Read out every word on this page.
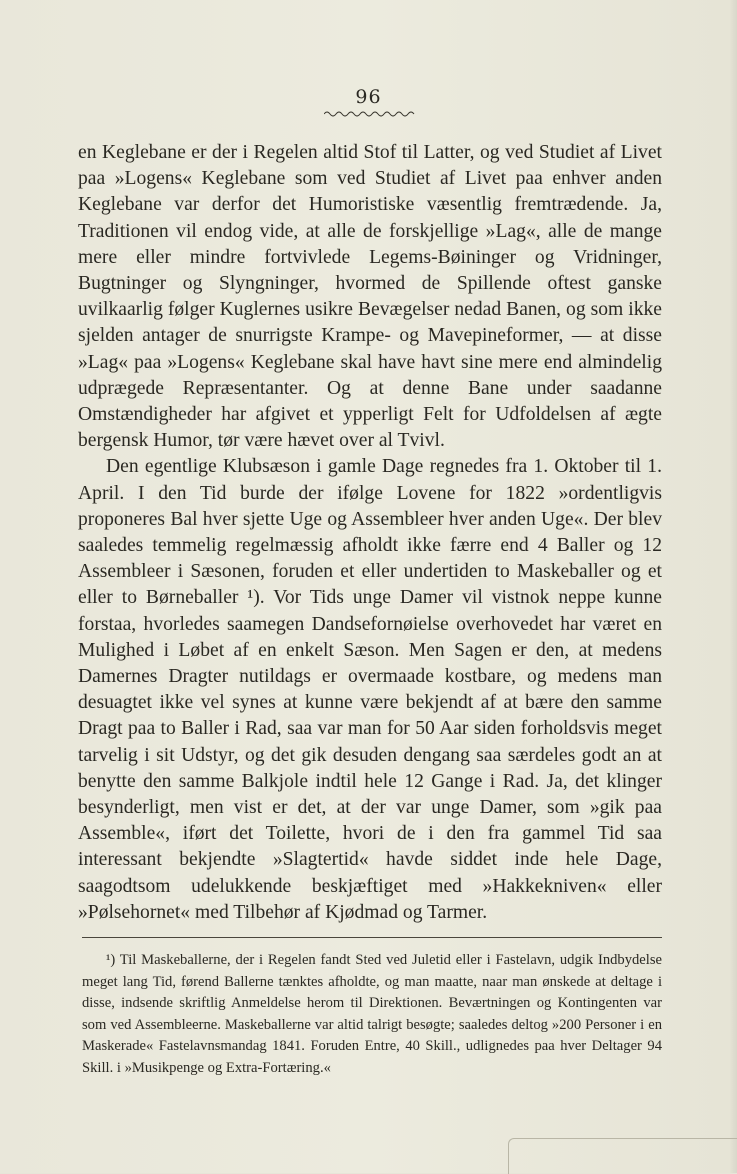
96

en Keglebane er der i Regelen altid Stof til Latter, og ved Studiet af Livet paa »Logens« Keglebane som ved Studiet af Livet paa enhver anden Keglebane var derfor det Humoristiske væsentlig fremtrædende. Ja, Traditionen vil endog vide, at alle de forskjellige »Lag«, alle de mange mere eller mindre fortvivlede Legems-Bøininger og Vridninger, Bugtninger og Slyngninger, hvormed de Spillende oftest ganske uvilkaarlig følger Kuglernes usikre Bevægelser nedad Banen, og som ikke sjelden antager de snurrigste Krampe- og Mavepineformer, — at disse »Lag« paa »Logens« Keglebane skal have havt sine mere end almindelig udprægede Repræsentanter. Og at denne Bane under saadanne Omstændigheder har afgivet et ypperligt Felt for Udfoldelsen af ægte bergensk Humor, tør være hævet over al Tvivl.

Den egentlige Klubsæson i gamle Dage regnedes fra 1. Oktober til 1. April. I den Tid burde der ifølge Lovene for 1822 »ordentligvis proponeres Bal hver sjette Uge og Assembleer hver anden Uge«. Der blev saaledes temmelig regelmæssig afholdt ikke færre end 4 Baller og 12 Assembleer i Sæsonen, foruden et eller undertiden to Maskeballer og et eller to Børneballer ¹). Vor Tids unge Damer vil vistnok neppe kunne forstaa, hvorledes saamegen Dandsefornøielse overhovedet har været en Mulighed i Løbet af en enkelt Sæson. Men Sagen er den, at medens Damernes Dragter nutildags er overmaade kostbare, og medens man desuagtet ikke vel synes at kunne være bekjendt af at bære den samme Dragt paa to Baller i Rad, saa var man for 50 Aar siden forholdsvis meget tarvelig i sit Udstyr, og det gik desuden dengang saa særdeles godt an at benytte den samme Balkjole indtil hele 12 Gange i Rad. Ja, det klinger besynderligt, men vist er det, at der var unge Damer, som »gik paa Assemble«, iført det Toilette, hvori de i den fra gammel Tid saa interessant bekjendte »Slagtertid« havde siddet inde hele Dage, saagodtsom udelukkende beskjæftiget med »Hakkekniven« eller »Pølsehornet« med Tilbehør af Kjødmad og Tarmer.

¹) Til Maskeballerne, der i Regelen fandt Sted ved Juletid eller i Fastelavn, udgik Indbydelse meget lang Tid, førend Ballerne tænktes afholdte, og man maatte, naar man ønskede at deltage i disse, indsende skriftlig Anmeldelse herom til Direktionen. Beværtningen og Kontingenten var som ved Assembleerne. Maskeballerne var altid talrigt besøgte; saaledes deltog »200 Personer i en Maskerade« Fastelavnsmandag 1841. Foruden Entre, 40 Skill., udlignedes paa hver Deltager 94 Skill. i »Musikpenge og Extra-Fortæring.«
